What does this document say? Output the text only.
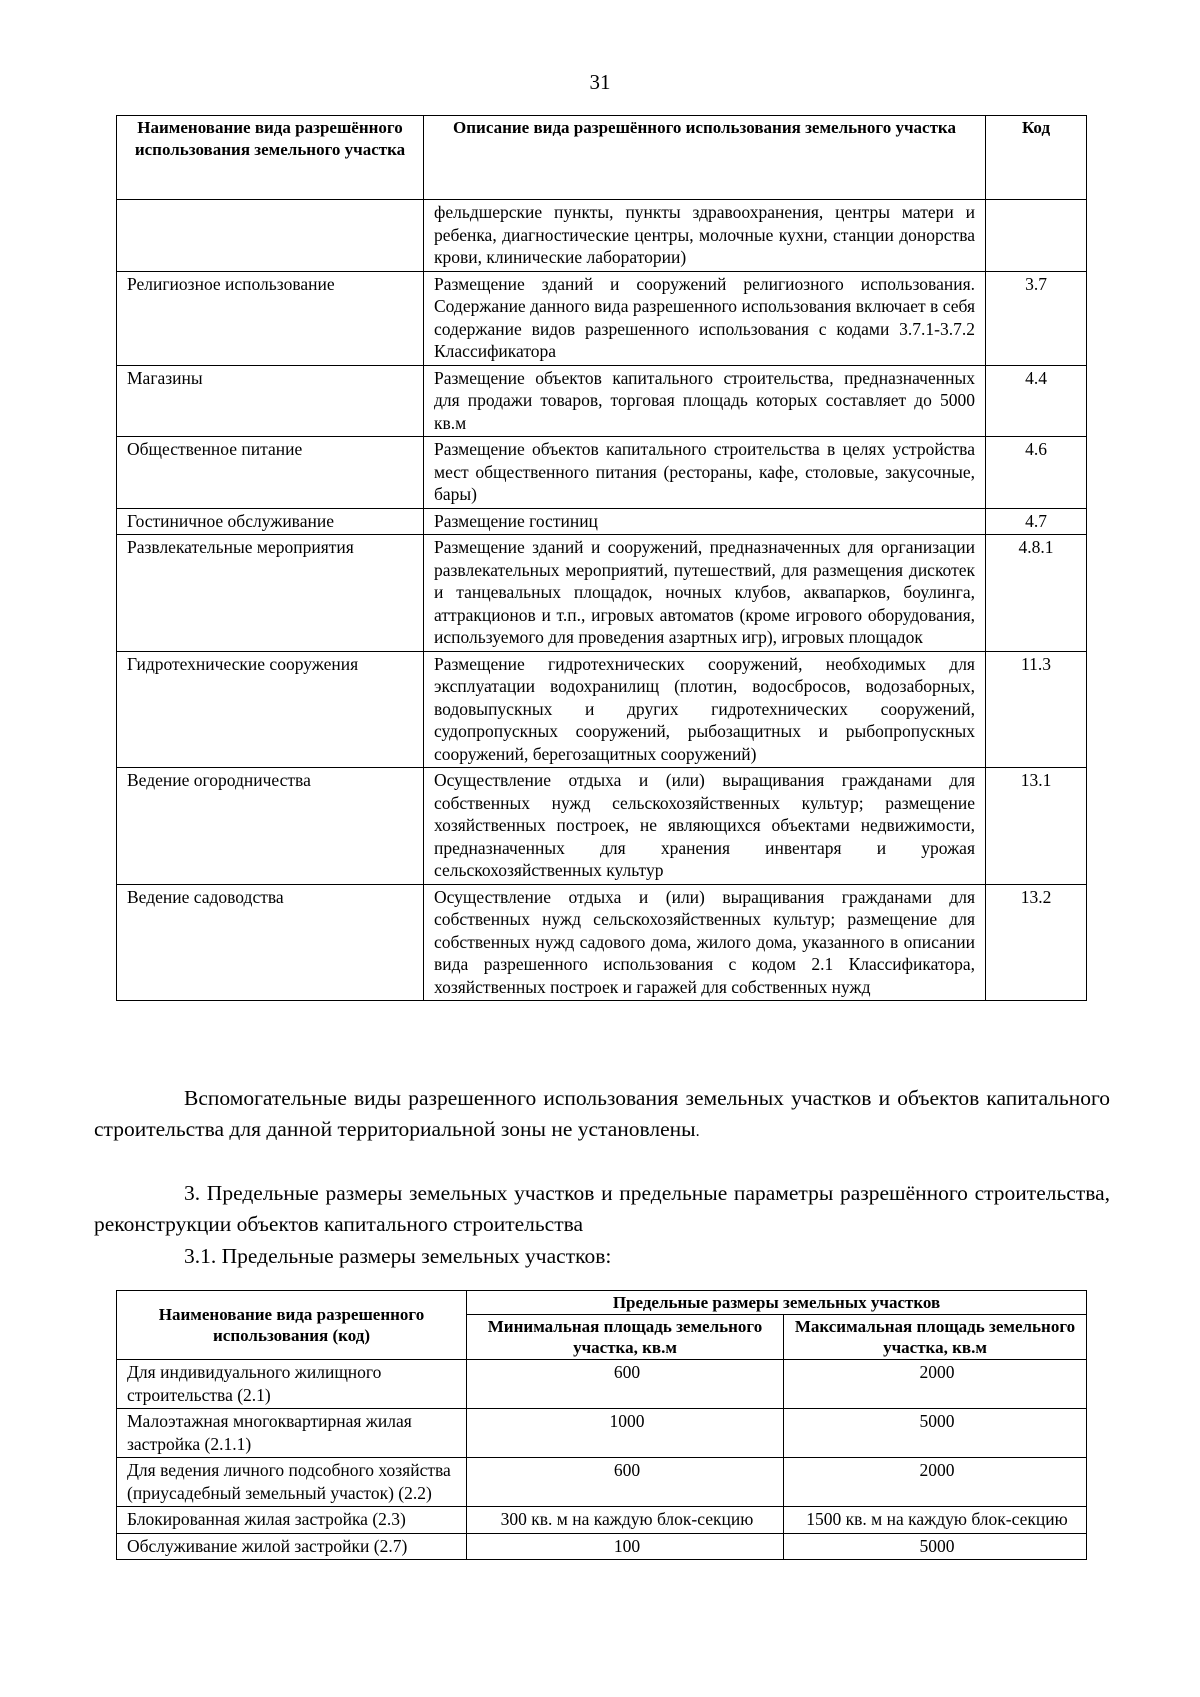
31
Наименование вида разрешённого использования земельного участка	Описание вида разрешённого использования земельного участка	Код
	фельдшерские пункты, пункты здравоохранения, центры матери и ребенка, диагностические центры, молочные кухни, станции донорства крови, клинические лаборатории)	
Религиозное использование	Размещение зданий и сооружений религиозного использования. Содержание данного вида разрешенного использования включает в себя содержание видов разрешенного использования с кодами 3.7.1-3.7.2 Классификатора	3.7
Магазины	Размещение объектов капитального строительства, предназначенных для продажи товаров, торговая площадь которых составляет до 5000 кв.м	4.4
Общественное питание	Размещение объектов капитального строительства в целях устройства мест общественного питания (рестораны, кафе, столовые, закусочные, бары)	4.6
Гостиничное обслуживание	Размещение гостиниц	4.7
Развлекательные мероприятия	Размещение зданий и сооружений, предназначенных для организации развлекательных мероприятий, путешествий, для размещения дискотек и танцевальных площадок, ночных клубов, аквапарков, боулинга, аттракционов и т.п., игровых автоматов (кроме игрового оборудования, используемого для проведения азартных игр), игровых площадок	4.8.1
Гидротехнические сооружения	Размещение гидротехнических сооружений, необходимых для эксплуатации водохранилищ (плотин, водосбросов, водозаборных, водовыпускных и других гидротехнических сооружений, судопропускных сооружений, рыбозащитных и рыбопропускных сооружений, берегозащитных сооружений)	11.3
Ведение огородничества	Осуществление отдыха и (или) выращивания гражданами для собственных нужд сельскохозяйственных культур; размещение хозяйственных построек, не являющихся объектами недвижимости, предназначенных для хранения инвентаря и урожая сельскохозяйственных культур	13.1
Ведение садоводства	Осуществление отдыха и (или) выращивания гражданами для собственных нужд сельскохозяйственных культур; размещение для собственных нужд садового дома, жилого дома, указанного в описании вида разрешенного использования с кодом 2.1 Классификатора, хозяйственных построек и гаражей для собственных нужд	13.2

Вспомогательные виды разрешенного использования земельных участков и объектов капитального строительства для данной территориальной зоны не установлены.

3. Предельные размеры земельных участков и предельные параметры разрешённого строительства, реконструкции объектов капитального строительства

3.1. Предельные размеры земельных участков:

Наименование вида разрешенного использования (код)	Предельные размеры земельных участков	
	Минимальная площадь земельного участка, кв.м	Максимальная площадь земельного участка, кв.м
Для индивидуального жилищного строительства (2.1)	600	2000
Малоэтажная многоквартирная жилая застройка (2.1.1)	1000	5000
Для ведения личного подсобного хозяйства (приусадебный земельный участок) (2.2)	600	2000
Блокированная жилая застройка (2.3)	300 кв. м на каждую блок-секцию	1500 кв. м на каждую блок-секцию
Обслуживание жилой застройки (2.7)	100	5000
